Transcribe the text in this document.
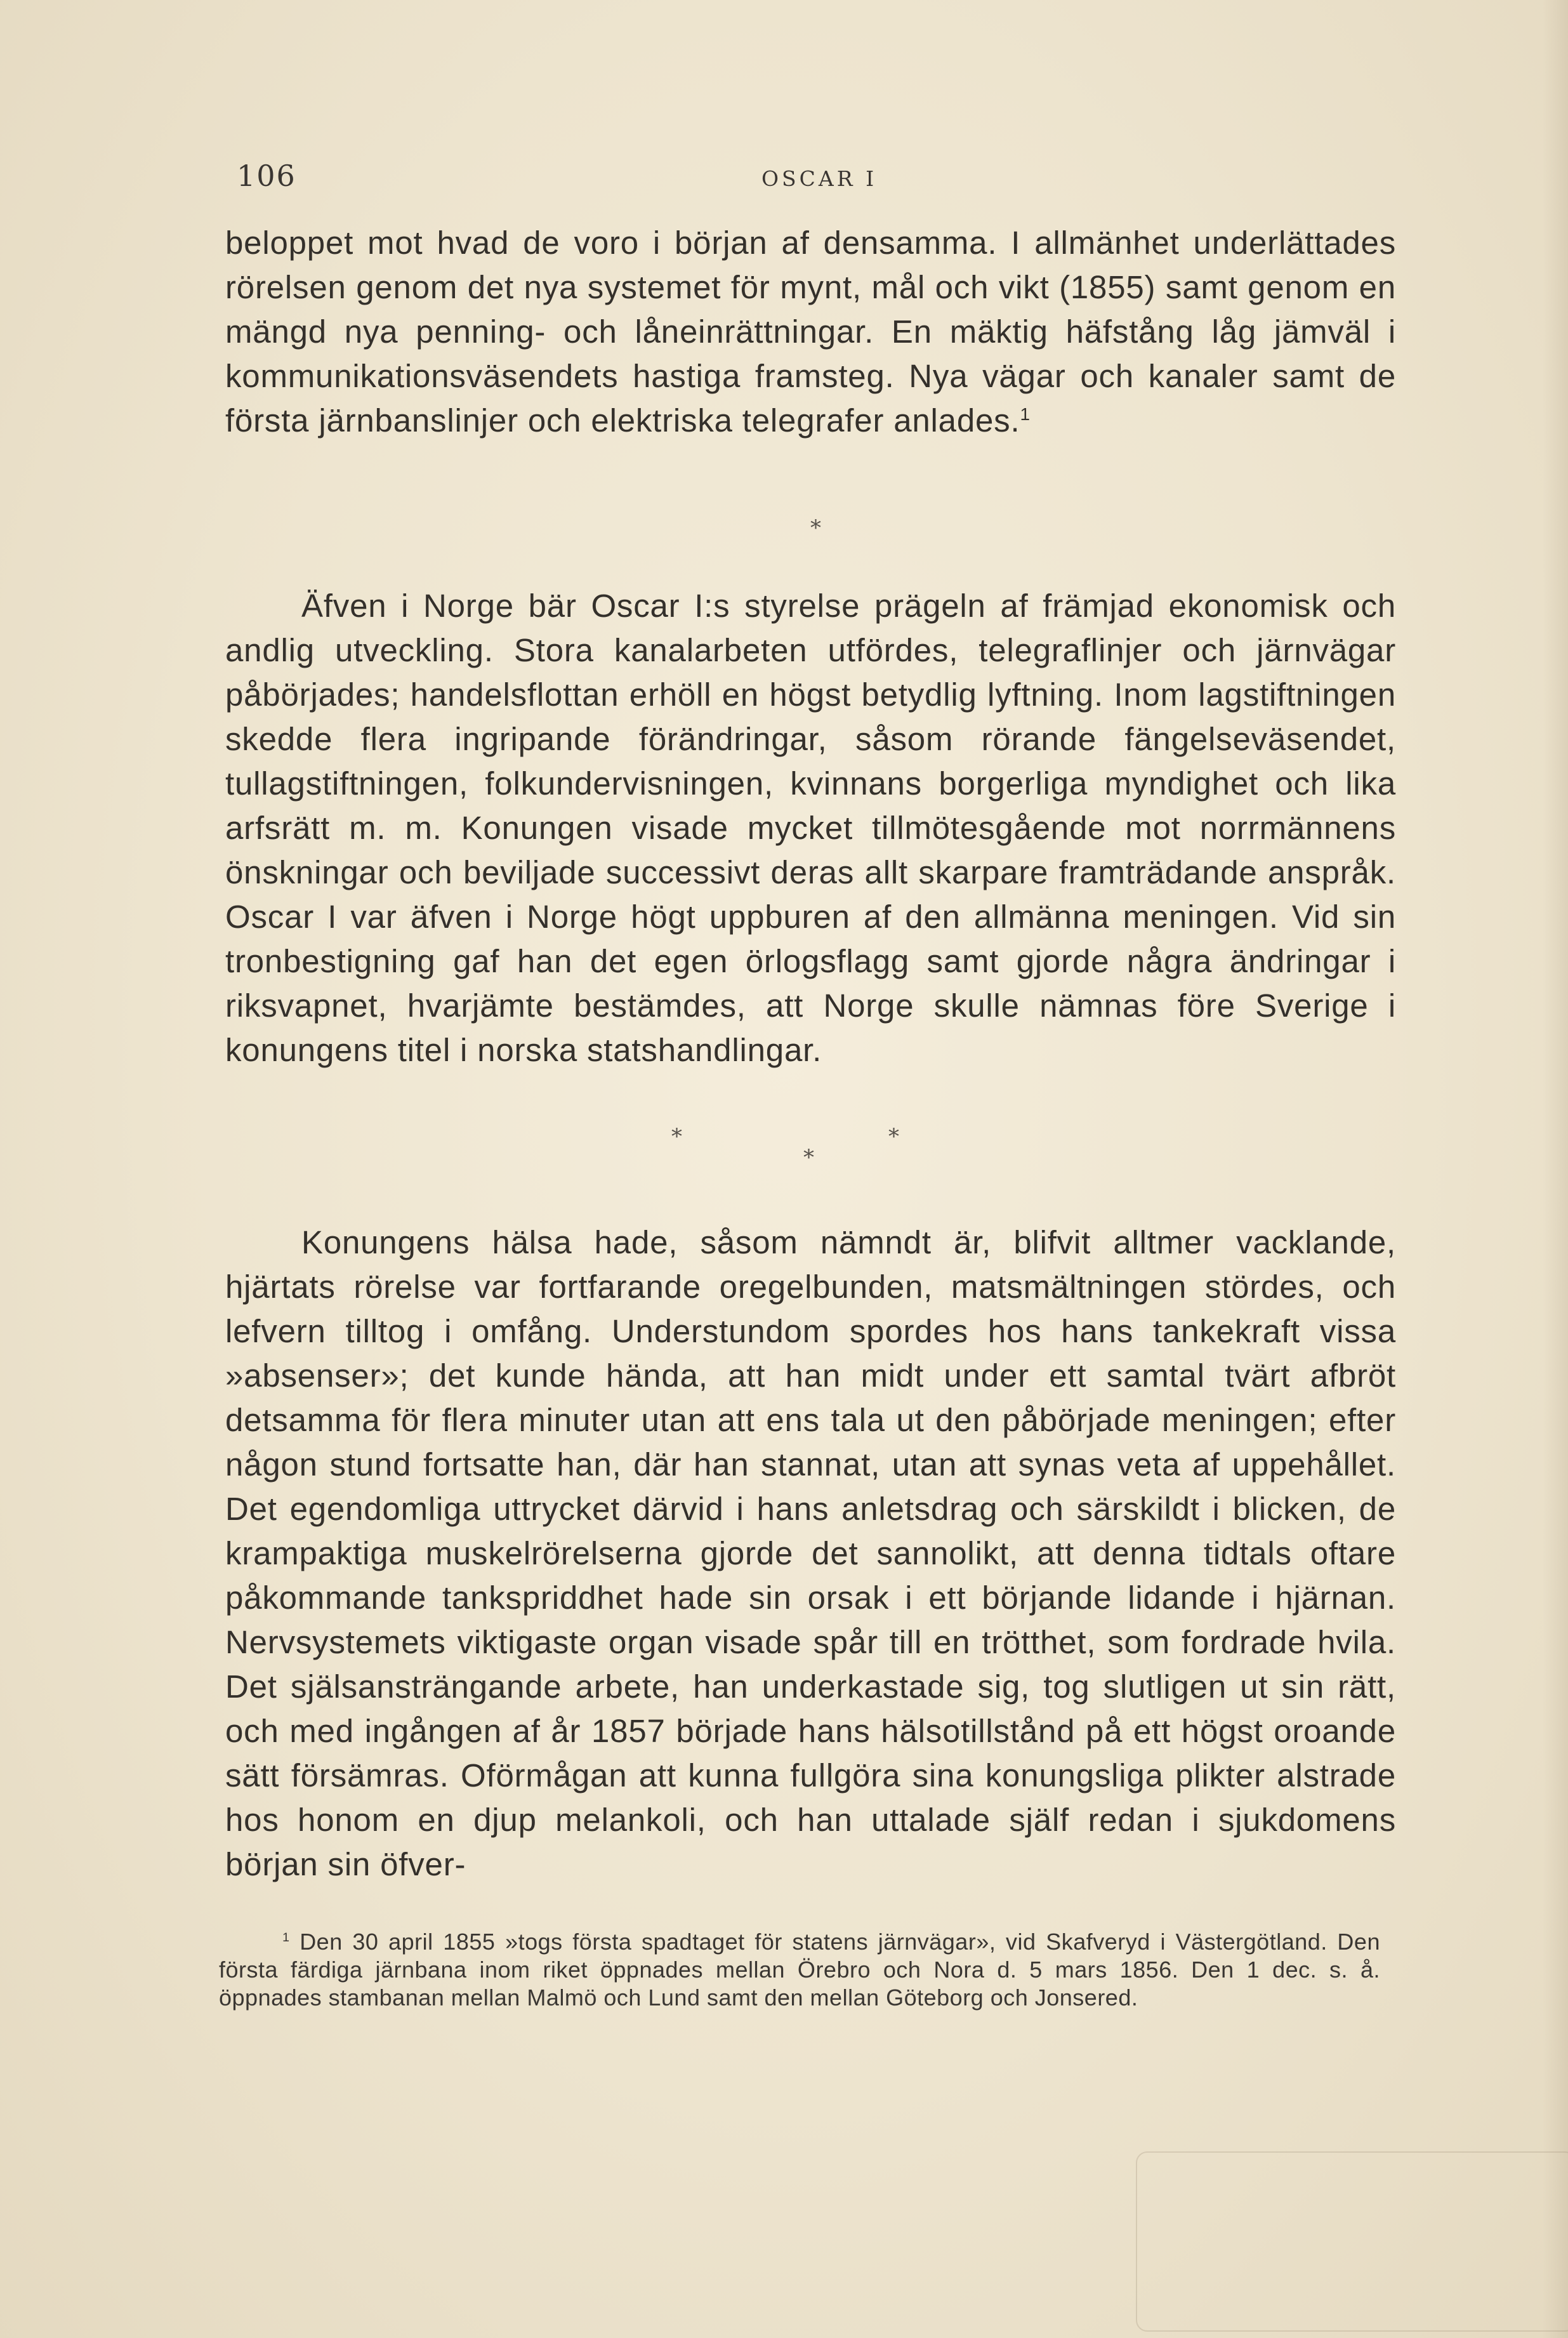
106	OSCAR I

beloppet mot hvad de voro i början af densamma. I allmänhet underlättades rörelsen genom det nya systemet för mynt, mål och vikt (1855) samt genom en mängd nya penning- och låneinrättningar. En mäktig häfstång låg jämväl i kommunikationsväsendets hastiga framsteg. Nya vägar och kanaler samt de första järnbanslinjer och elektriska telegrafer anlades.$^1$

*

Äfven i Norge bär Oscar I:s styrelse prägeln af främjad ekonomisk och andlig utveckling. Stora kanalarbeten utfördes, telegraflinjer och järnvägar påbörjades; handelsflottan erhöll en högst betydlig lyftning. Inom lagstiftningen skedde flera ingripande förändringar, såsom rörande fängelseväsendet, tullagstiftningen, folkundervisningen, kvinnans borgerliga myndighet och lika arfsrätt m. m. Konungen visade mycket tillmötesgående mot norrmännens önskningar och beviljade successivt deras allt skarpare framträdande anspråk. Oscar I var äfven i Norge högt uppburen af den allmänna meningen. Vid sin tronbestigning gaf han det egen örlogsflagg samt gjorde några ändringar i riksvapnet, hvarjämte bestämdes, att Norge skulle nämnas före Sverige i konungens titel i norska statshandlingar.

*	*
*

Konungens hälsa hade, såsom nämndt är, blifvit alltmer vacklande, hjärtats rörelse var fortfarande oregelbunden, matsmältningen stördes, och lefvern tilltog i omfång. Understundom spordes hos hans tankekraft vissa »absenser»; det kunde hända, att han midt under ett samtal tvärt afbröt detsamma för flera minuter utan att ens tala ut den påbörjade meningen; efter någon stund fortsatte han, där han stannat, utan att synas veta af uppehållet. Det egendomliga uttrycket därvid i hans anletsdrag och särskildt i blicken, de krampaktiga muskelrörelserna gjorde det sannolikt, att denna tidtals oftare påkommande tankspriddhet hade sin orsak i ett börjande lidande i hjärnan. Nervsystemets viktigaste organ visade spår till en trötthet, som fordrade hvila. Det själsansträngande arbete, han underkastade sig, tog slutligen ut sin rätt, och med ingången af år 1857 började hans hälsotillstånd på ett högst oroande sätt försämras. Oförmågan att kunna fullgöra sina konungsliga plikter alstrade hos honom en djup melankoli, och han uttalade själf redan i sjukdomens början sin öfver-

$^1$ Den 30 april 1855 »togs första spadtaget för statens järnvägar», vid Skafveryd i Västergötland. Den första färdiga järnbana inom riket öppnades mellan Örebro och Nora d. 5 mars 1856. Den 1 dec. s. å. öppnades stambanan mellan Malmö och Lund samt den mellan Göteborg och Jonsered.
